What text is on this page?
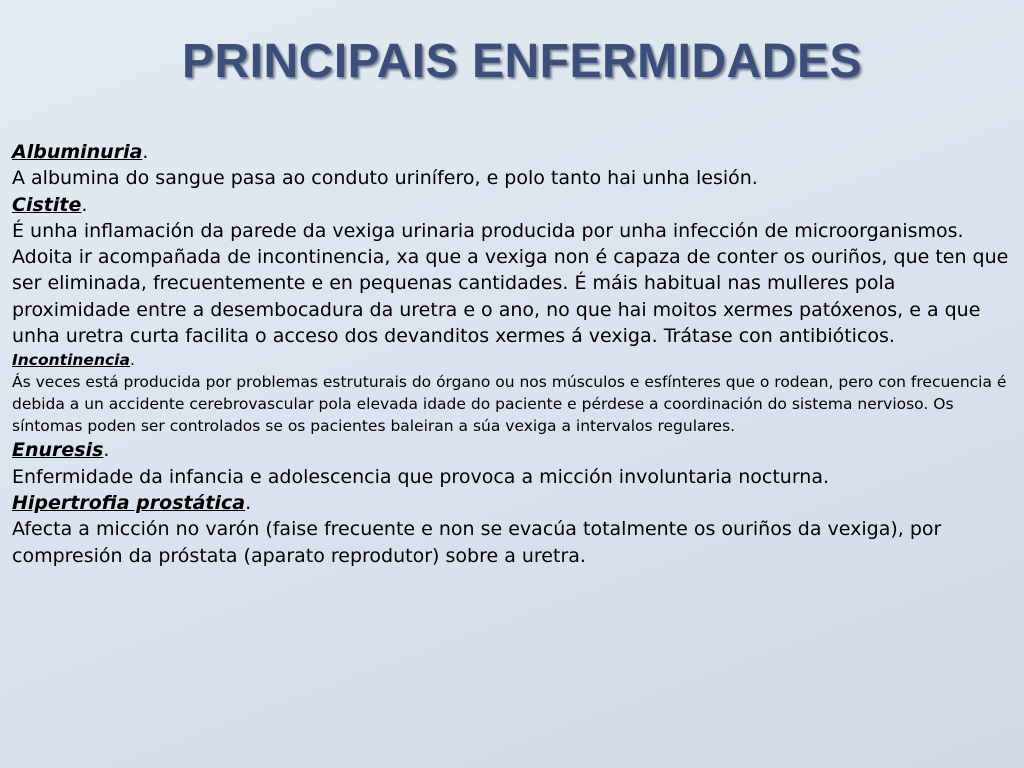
PRINCIPAIS ENFERMIDADES

Albuminuria.

A albumina do sangue pasa ao conduto urinífero, e polo tanto hai unha lesión.

Cistite.

É unha inflamación da parede da vexiga urinaria producida por unha infección de microorganismos. Adoita ir acompañada de incontinencia, xa que a vexiga non é capaza de conter os ouriños, que ten que ser eliminada, frecuentemente e en pequenas cantidades. É máis habitual nas mulleres pola proximidade entre a desembocadura da uretra e o ano, no que hai moitos xermes patóxenos, e a que unha uretra curta facilita o acceso dos devanditos xermes á vexiga. Trátase con antibióticos.

Incontinencia.

Ás veces está producida por problemas estruturais do órgano ou nos músculos e esfínteres que o rodean, pero con frecuencia é debida a un accidente cerebrovascular pola elevada idade do paciente e pérdese a coordinación do sistema nervioso. Os síntomas poden ser controlados se os pacientes baleiran a súa vexiga a intervalos regulares.

Enuresis.

Enfermidade da infancia e adolescencia que provoca a micción involuntaria nocturna.

Hipertrofia prostática.

Afecta a micción no varón (faise frecuente e non se evacúa totalmente os ouriños da vexiga), por compresión da próstata (aparato reprodutor) sobre a uretra.
